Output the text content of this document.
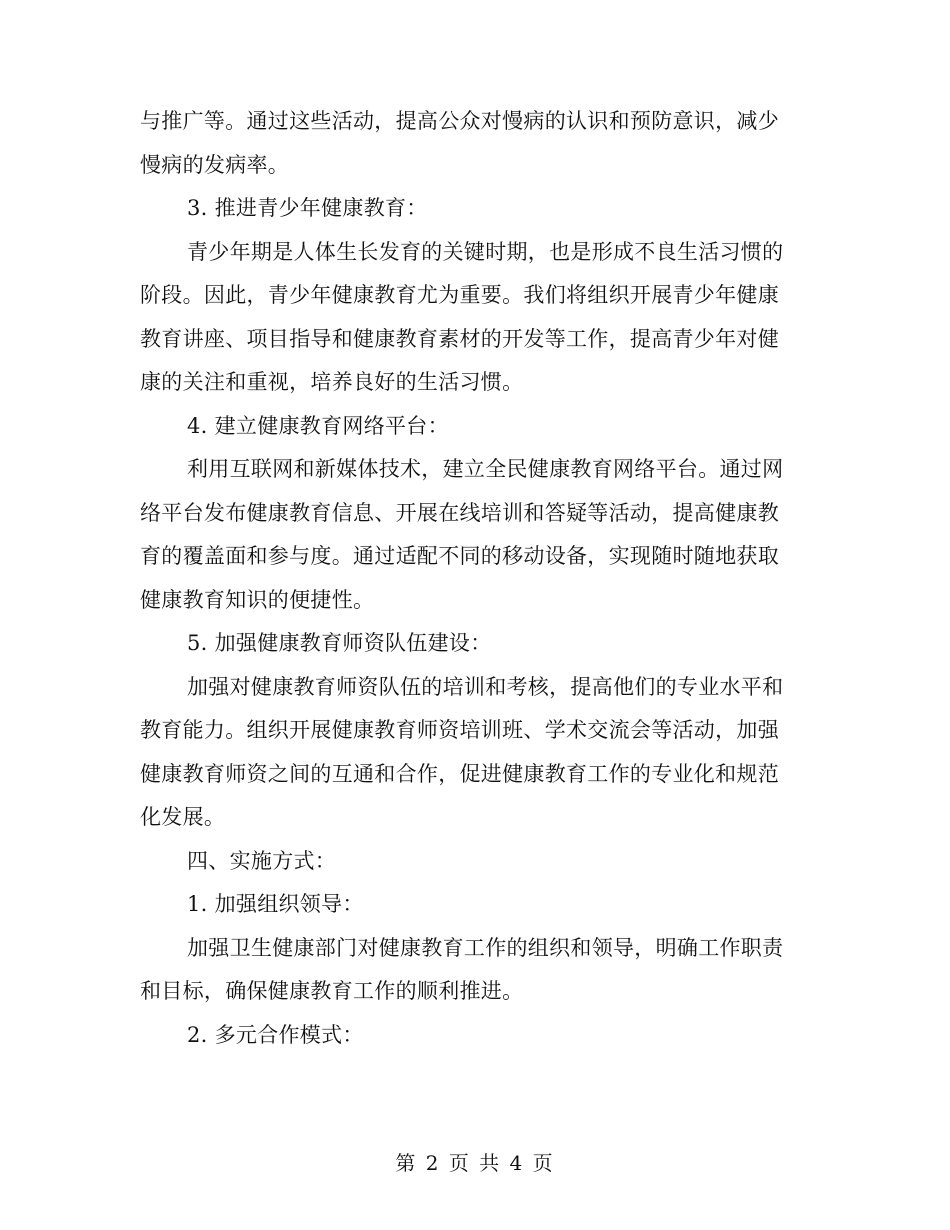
与推广等。通过这些活动，提高公众对慢病的认识和预防意识，减少
慢病的发病率。
3. 推进青少年健康教育：
青少年期是人体生长发育的关键时期，也是形成不良生活习惯的
阶段。因此，青少年健康教育尤为重要。我们将组织开展青少年健康
教育讲座、项目指导和健康教育素材的开发等工作，提高青少年对健
康的关注和重视，培养良好的生活习惯。
4. 建立健康教育网络平台：
利用互联网和新媒体技术，建立全民健康教育网络平台。通过网
络平台发布健康教育信息、开展在线培训和答疑等活动，提高健康教
育的覆盖面和参与度。通过适配不同的移动设备，实现随时随地获取
健康教育知识的便捷性。
5. 加强健康教育师资队伍建设：
加强对健康教育师资队伍的培训和考核，提高他们的专业水平和
教育能力。组织开展健康教育师资培训班、学术交流会等活动，加强
健康教育师资之间的互通和合作，促进健康教育工作的专业化和规范
化发展。
四、实施方式：
1. 加强组织领导：
加强卫生健康部门对健康教育工作的组织和领导，明确工作职责
和目标，确保健康教育工作的顺利推进。
2. 多元合作模式：
第 2 页 共 4 页
